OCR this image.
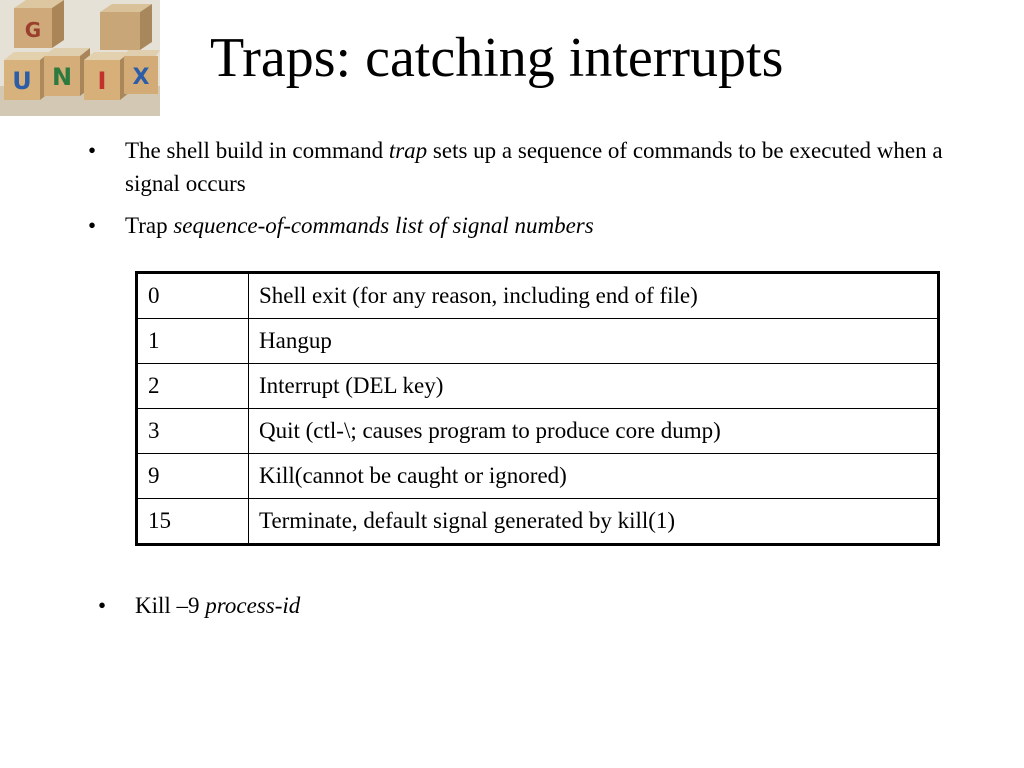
G
U N I X Traps: catching interrupts
• The shell build in command trap sets up a sequence of commands to be executed when a signal occurs
• Trap sequence-of-commands list of signal numbers
0	Shell exit (for any reason, including end of file)
1	Hangup
2	Interrupt (DEL key)
3	Quit (ctl-\; causes program to produce core dump)
9	Kill(cannot be caught or ignored)
15	Terminate, default signal generated by kill(1)
• Kill –9 process-id
